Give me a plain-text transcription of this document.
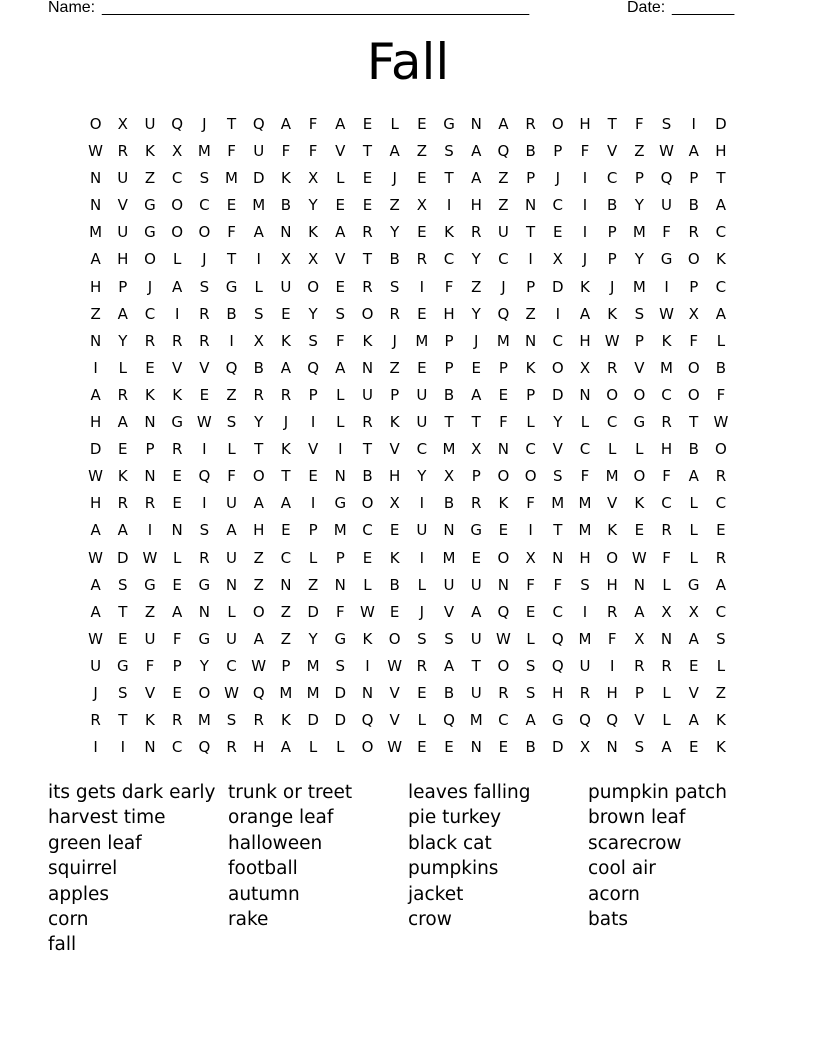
Name: ________________________________________________	Date: _______
Fall
O	X	U	Q	J	T	Q	A	F	A	E	L	E	G	N	A	R	O	H	T	F	S	I	D
W R	K	X	M	F	U	F	F	V	T	A	Z	S	A	Q	B	P	F	V	Z W A	H
N	U	Z	C	S	M D	K	X	L	E	J	E	T	A	Z	P	J	I	C	P	Q	P	T
N	V	G	O	C	E	M	B	Y	E	E	Z	X	I	H	Z	N	C	I	B	Y	U	B	A
M	U	G	O	O	F	A	N	K	A	R	Y	E	K	R	U	T	E	I	P	M	F	R	C
A	H	O	L	J	T	I	X	X	V	T	B	R	C	Y	C	I	X	J	P	Y	G	O	K
H	P	J	A	S	G	L	U	O	E	R	S	I	F	Z	J	P	D	K	J	M	I	P	C
Z	A	C	I	R	B	S	E	Y	S	O	R	E	H	Y	Q	Z	I	A	K	S	W X	A
N	Y	R	R	R	I	X	K	S	F	K	J	M	P	J	M	N	C	H W	P	K	F	L
I	L	E	V	V	Q	B	A	Q	A	N	Z	E	P	E	P	K	O	X	R	V	M O	B
A	R	K	K	E	Z	R	R	P	L	U	P	U	B	A	E	P	D	N	O	O	C	O	F
H	A	N	G W	S	Y	J	I	L	R	K	U	T	T	F	L	Y	L	C	G	R	T	W
D	E	P	R	I	L	T	K	V	I	T	V	C	M	X	N	C	V	C	L	L	H	B	O
W K	N	E	Q	F	O	T	E	N	B	H	Y	X	P	O	O	S	F	M O	F	A	R
H	R	R	E	I	U	A	A	I	G	O	X	I	B	R	K	F	M M	V	K	C	L	C
A	A	I	N	S	A	H	E	P	M	C	E	U	N	G	E	I	T	M	K	E	R	L	E
W D W	L	R	U	Z	C	L	P	E	K	I	M	E	O	X	N	H	O W	F	L	R
A	S	G	E	G	N	Z	N	Z	N	L	B	L	U	U	N	F	F	S	H	N	L	G	A
A	T	Z	A	N	L	O	Z	D	F	W	E	J	V	A	Q	E	C	I	R	A	X	X	C
W	E	U	F	G	U	A	Z	Y	G	K	O	S	S	U W	L	Q M	F	X	N	A	S
U	G	F	P	Y	C W	P	M	S	I	W R	A	T	O	S	Q	U	I	R	R	E	L
J	S	V	E	O W Q M M D	N	V	E	B	U	R	S	H	R	H	P	L	V	Z
R	T	K	R	M	S	R	K	D	D	Q	V	L	Q M	C	A	G	Q	Q	V	L	A	K
I	I	N	C	Q	R	H	A	L	L	O W	E	E	N	E	B	D	X	N	S	A	E	K
its gets dark early
harvest time
green leaf
squirrel
apples
corn
fall
trunk or treet
orange leaf
halloween
football
autumn
rake
leaves falling
pie turkey
black cat
pumpkins
jacket
crow
pumpkin patch
brown leaf
scarecrow
cool air
acorn
bats
